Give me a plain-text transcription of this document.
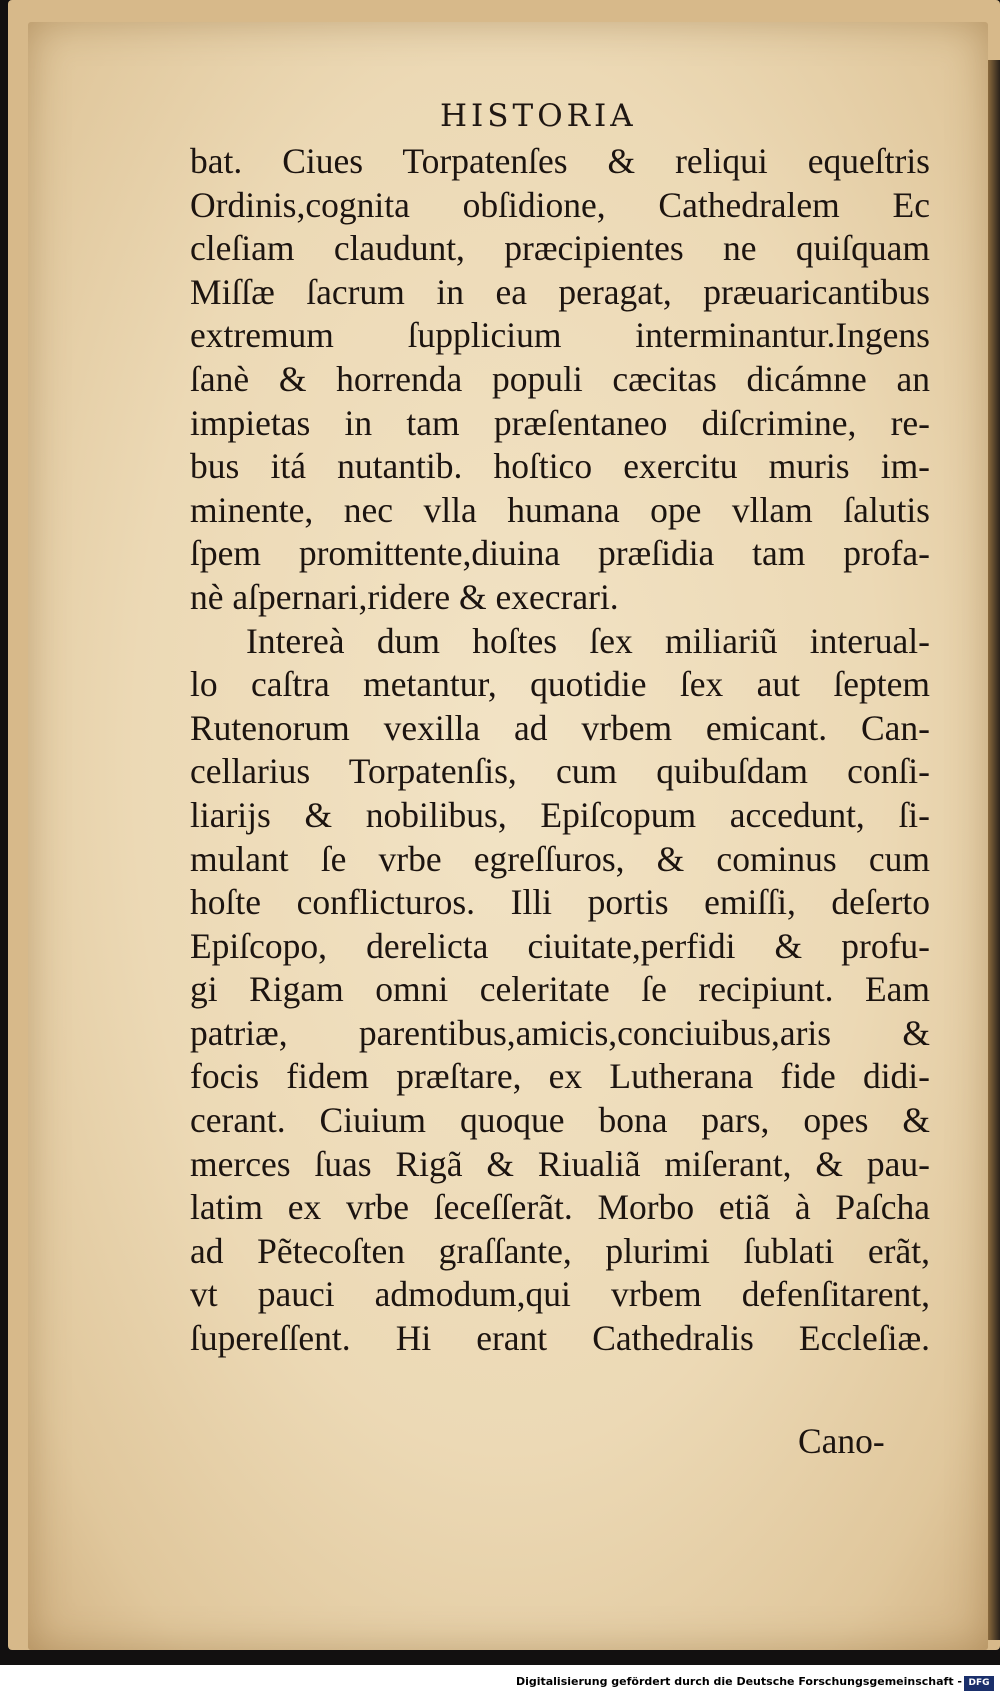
HISTORIA
bat. Ciues Torpatenſes & reliqui equeſtris
Ordinis,cognita obſidione, Cathedralem Ec
cleſiam claudunt, præcipientes ne quiſquam
Miſſæ ſacrum in ea peragat, præuaricantibus
extremum ſupplicium interminantur.Ingens
ſanè & horrenda populi cæcitas dicámne an
impietas in tam præſentaneo diſcrimine, re-
bus itá nutantib. hoſtico exercitu muris im-
minente, nec vlla humana ope vllam ſalutis
ſpem promittente,diuina præſidia tam profa-
nè aſpernari,ridere & execrari.
Intereà dum hoſtes ſex miliariũ interual-
lo caſtra metantur, quotidie ſex aut ſeptem
Rutenorum vexilla ad vrbem emicant. Can-
cellarius Torpatenſis, cum quibuſdam conſi-
liarijs & nobilibus, Epiſcopum accedunt, ſi-
mulant ſe vrbe egreſſuros, & cominus cum
hoſte conflicturos. Illi portis emiſſi, deſerto
Epiſcopo, derelicta ciuitate,perfidi & profu-
gi Rigam omni celeritate ſe recipiunt. Eam
patriæ, parentibus,amicis,conciuibus,aris &
focis fidem præſtare, ex Lutherana fide didi-
cerant. Ciuium quoque bona pars, opes &
merces ſuas Rigã & Riualiã miſerant, & pau-
latim ex vrbe ſeceſſerãt. Morbo etiã à Paſcha
ad Pẽtecoſten graſſante, plurimi ſublati erãt,
vt pauci admodum,qui vrbem defenſitarent,
ſupereſſent. Hi erant Cathedralis Eccleſiæ.
Cano-
Digitalisierung gefördert durch die Deutsche Forschungsgemeinschaft - DFG
